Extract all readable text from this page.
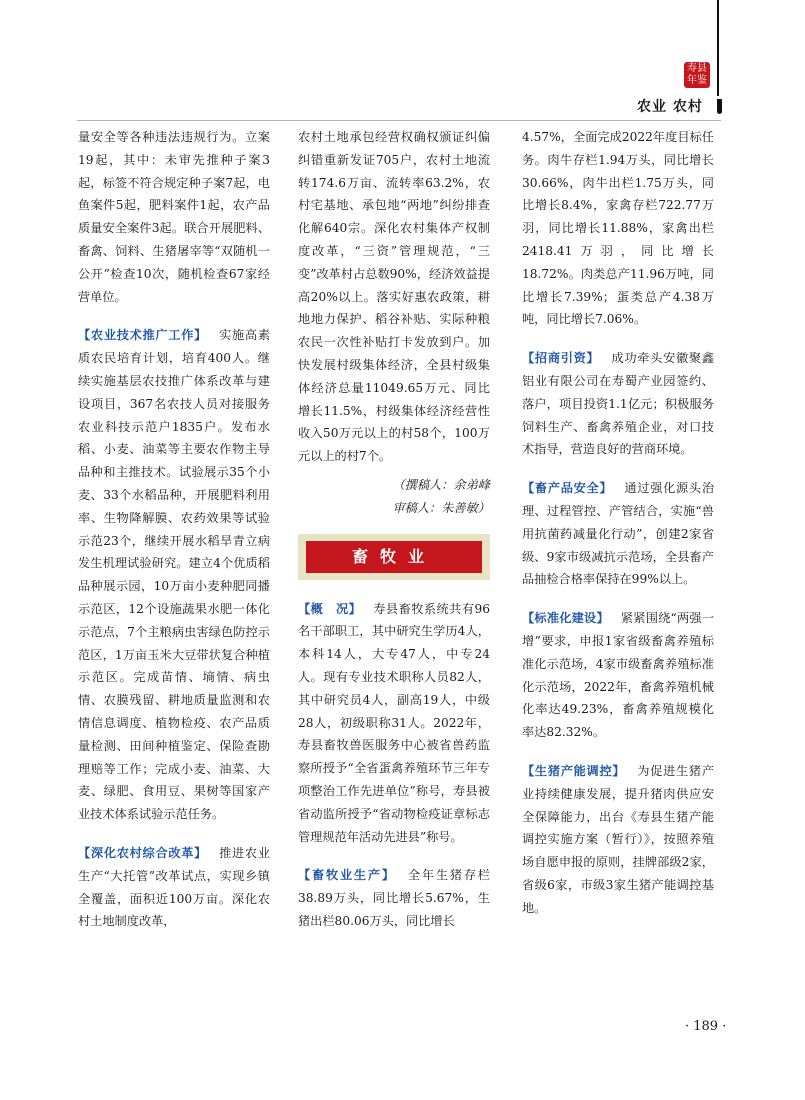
寿县
年鉴
农业 农村

量安全等各种违法违规行为。立案19起，其中：未审先推种子案3起，标签不符合规定种子案7起，电鱼案件5起，肥料案件1起，农产品质量安全案件3起。联合开展肥料、畜禽、饲料、生猪屠宰等“双随机一公开”检查10次，随机检查67家经营单位。

【农业技术推广工作】 实施高素质农民培育计划，培育400人。继续实施基层农技推广体系改革与建设项目，367名农技人员对接服务农业科技示范户1835户。发布水稻、小麦、油菜等主要农作物主导品种和主推技术。试验展示35个小麦、33个水稻品种，开展肥料利用率、生物降解膜、农药效果等试验示范23个，继续开展水稻旱青立病发生机理试验研究。建立4个优质稻品种展示园，10万亩小麦种肥同播示范区，12个设施蔬果水肥一体化示范点，7个主粮病虫害绿色防控示范区，1万亩玉米大豆带状复合种植示范区。完成苗情、墒情、病虫情、农膜残留、耕地质量监测和农情信息调度、植物检疫、农产品质量检测、田间种植鉴定、保险查勘理赔等工作；完成小麦、油菜、大麦、绿肥、食用豆、果树等国家产业技术体系试验示范任务。

【深化农村综合改革】 推进农业生产“大托管”改革试点，实现乡镇全覆盖，面积近100万亩。深化农村土地制度改革，

农村土地承包经营权确权颁证纠偏纠错重新发证705户，农村土地流转174.6万亩、流转率63.2%，农村宅基地、承包地“两地”纠纷排查化解640宗。深化农村集体产权制度改革，“三资”管理规范，“三变”改革村占总数90%，经济效益提高20%以上。落实好惠农政策，耕地地力保护、稻谷补贴、实际种粮农民一次性补贴打卡发放到户。加快发展村级集体经济，全县村级集体经济总量11049.65万元、同比增长11.5%，村级集体经济经营性收入50万元以上的村58个，100万元以上的村7个。

（撰稿人：余弟峰
审稿人：朱善敏）
畜牧业

【概　况】 寿县畜牧系统共有96名干部职工，其中研究生学历4人，本科14人，大专47人，中专24人。现有专业技术职称人员82人，其中研究员4人，副高19人，中级28人，初级职称31人。2022年，寿县畜牧兽医服务中心被省兽药监察所授予“全省蛋禽养殖环节三年专项整治工作先进单位”称号，寿县被省动监所授予“省动物检疫证章标志管理规范年活动先进县”称号。

【畜牧业生产】 全年生猪存栏38.89万头，同比增长5.67%，生猪出栏80.06万头，同比增长

4.57%，全面完成2022年度目标任务。肉牛存栏1.94万头，同比增长30.66%，肉牛出栏1.75万头，同比增长8.4%，家禽存栏722.77万羽，同比增长11.88%，家禽出栏2418.41万羽，同比增长18.72%。肉类总产11.96万吨，同比增长7.39%；蛋类总产4.38万吨，同比增长7.06%。

【招商引资】 成功牵头安徽聚鑫铝业有限公司在寿蜀产业园签约、落户，项目投资1.1亿元；积极服务饲料生产、畜禽养殖企业，对口技术指导，营造良好的营商环境。

【畜产品安全】 通过强化源头治理、过程管控、产管结合，实施“兽用抗菌药减量化行动”，创建2家省级、9家市级减抗示范场，全县畜产品抽检合格率保持在99%以上。

【标准化建设】 紧紧围绕“两强一增”要求，申报1家省级畜禽养殖标准化示范场，4家市级畜禽养殖标准化示范场，2022年，畜禽养殖机械化率达49.23%，畜禽养殖规模化率达82.32%。

【生猪产能调控】 为促进生猪产业持续健康发展，提升猪肉供应安全保障能力，出台《寿县生猪产能调控实施方案（暂行）》，按照养殖场自愿申报的原则，挂牌部级2家，省级6家，市级3家生猪产能调控基地。

· 189 ·
